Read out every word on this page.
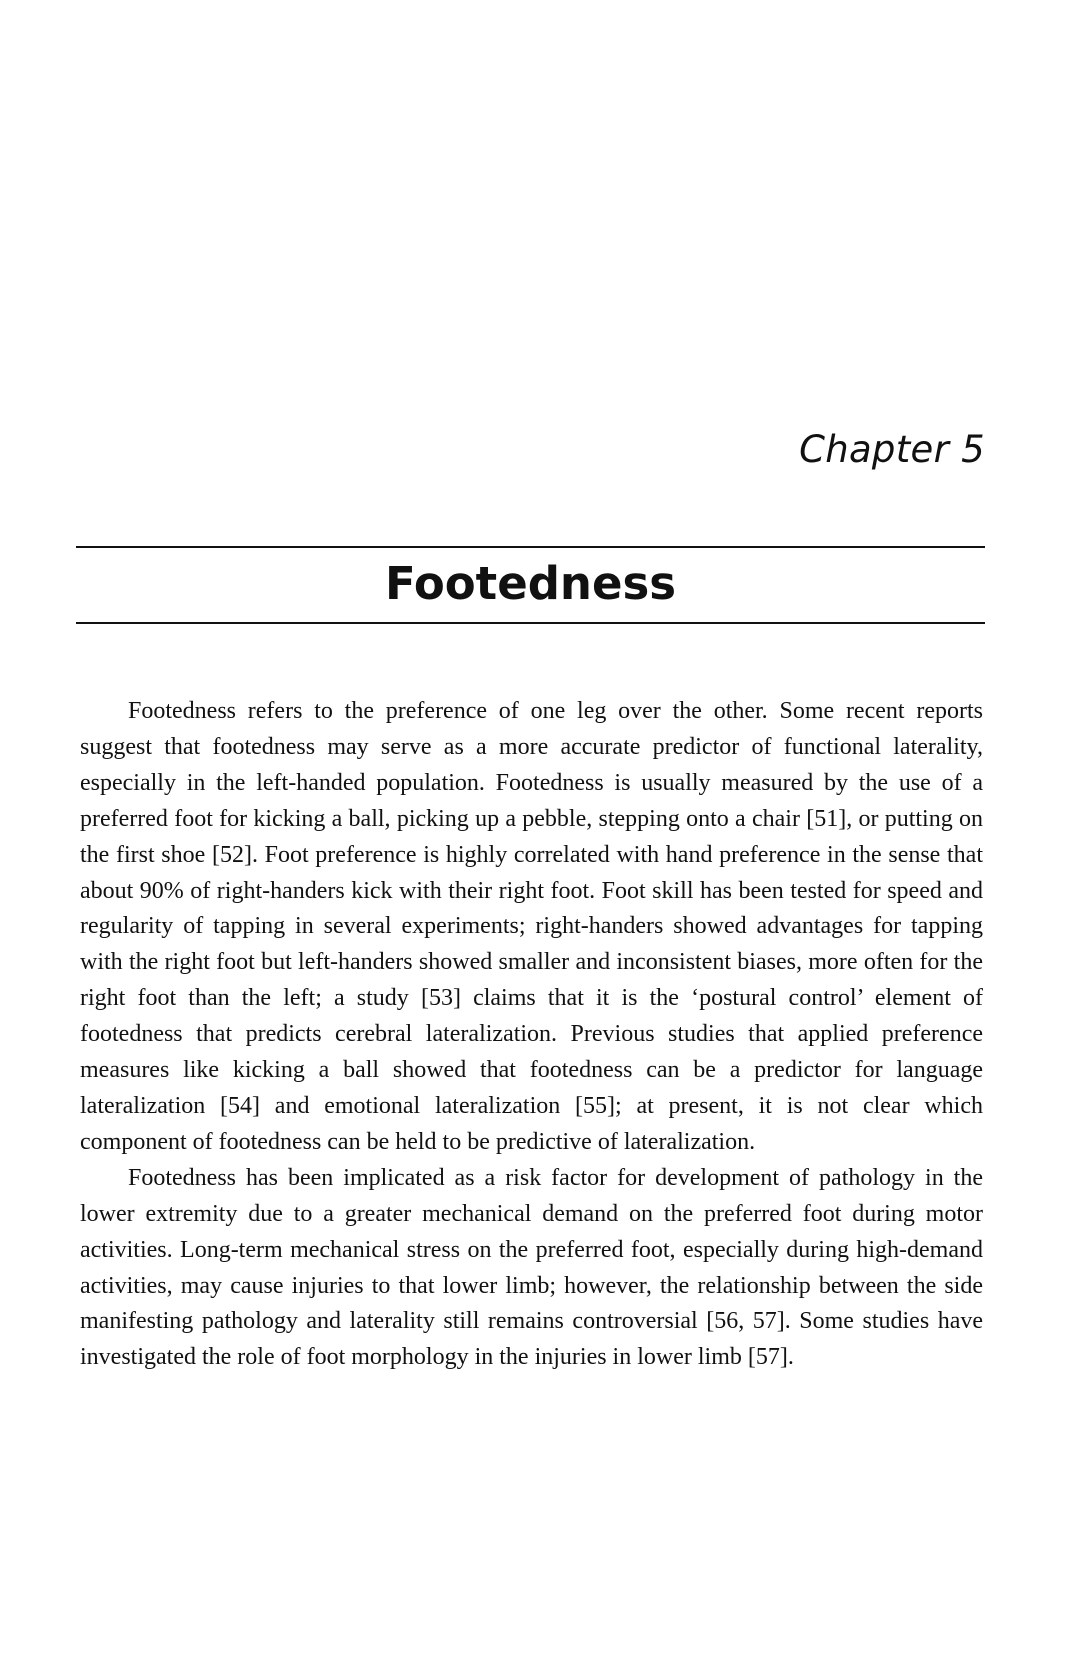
Chapter 5
Footedness

Footedness refers to the preference of one leg over the other. Some recent reports suggest that footedness may serve as a more accurate predictor of functional laterality, especially in the left-handed population. Footedness is usually measured by the use of a preferred foot for kicking a ball, picking up a pebble, stepping onto a chair [51], or putting on the first shoe [52]. Foot preference is highly correlated with hand preference in the sense that about 90% of right-handers kick with their right foot. Foot skill has been tested for speed and regularity of tapping in several experiments; right-handers showed advantages for tapping with the right foot but left-handers showed smaller and inconsistent biases, more often for the right foot than the left; a study [53] claims that it is the ‘postural control’ element of footedness that predicts cerebral lateralization. Previous studies that applied preference measures like kicking a ball showed that footedness can be a predictor for language lateralization [54] and emotional lateralization [55]; at present, it is not clear which component of footedness can be held to be predictive of lateralization.

Footedness has been implicated as a risk factor for development of pathology in the lower extremity due to a greater mechanical demand on the preferred foot during motor activities. Long-term mechanical stress on the preferred foot, especially during high-demand activities, may cause injuries to that lower limb; however, the relationship between the side manifesting pathology and laterality still remains controversial [56, 57]. Some studies have investigated the role of foot morphology in the injuries in lower limb [57].
